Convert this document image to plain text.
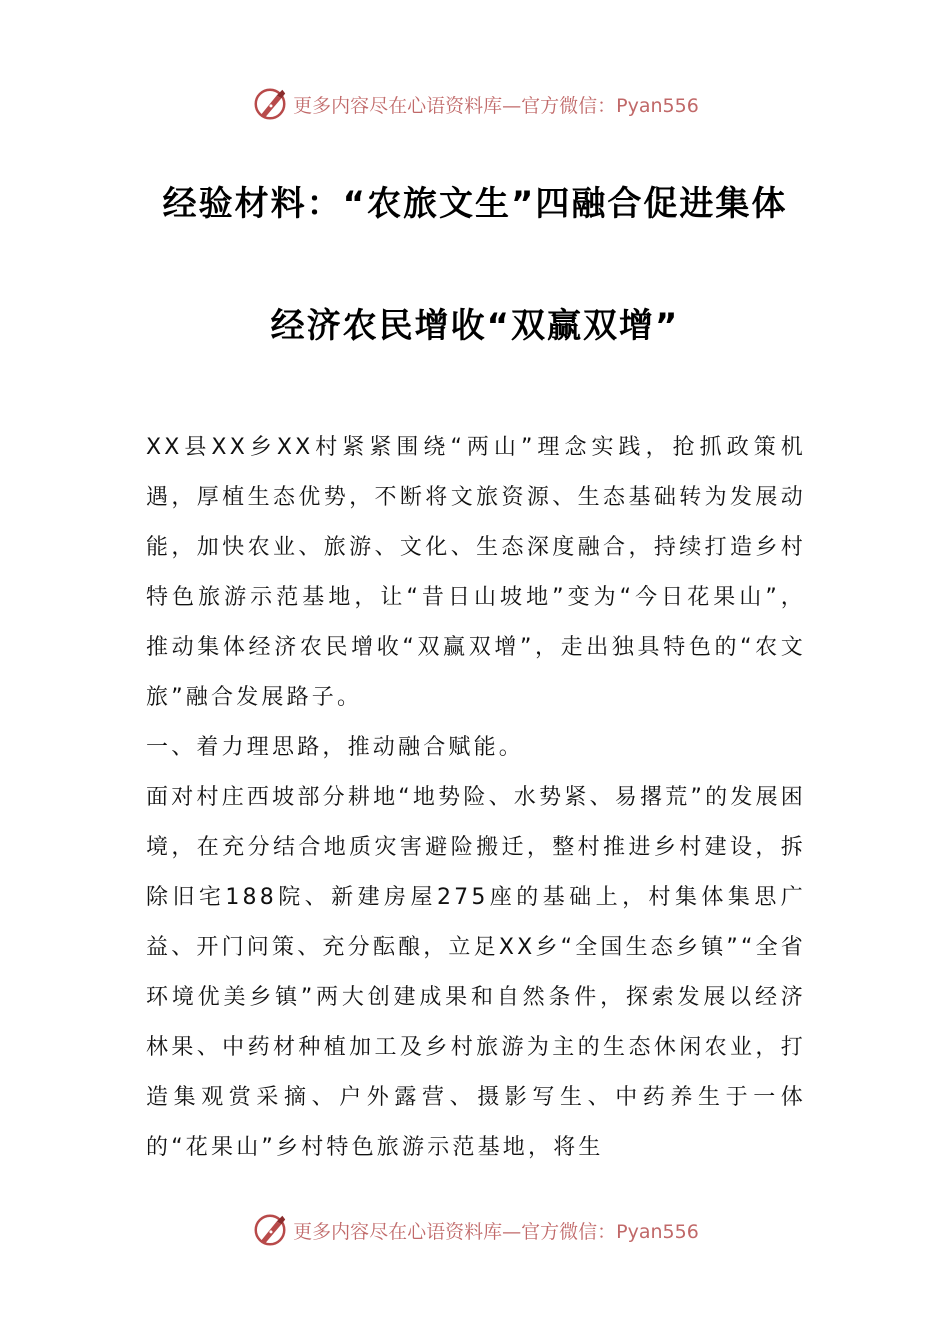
更多内容尽在心语资料库—官方微信：Pyan556
经验材料：“农旅文生”四融合促进集体
经济农民增收“双赢双增”

XX县XX乡XX村紧紧围绕“两山”理念实践，抢抓政策机遇，厚植生态优势，不断将文旅资源、生态基础转为发展动能，加快农业、旅游、文化、生态深度融合，持续打造乡村特色旅游示范基地，让“昔日山坡地”变为“今日花果山”，推动集体经济农民增收“双赢双增”，走出独具特色的“农文旅”融合发展路子。

一、着力理思路，推动融合赋能。

面对村庄西坡部分耕地“地势险、水势紧、易撂荒”的发展困境，在充分结合地质灾害避险搬迁，整村推进乡村建设，拆除旧宅188院、新建房屋275座的基础上，村集体集思广益、开门问策、充分酝酿，立足XX乡“全国生态乡镇”“全省环境优美乡镇”两大创建成果和自然条件，探索发展以经济林果、中药材种植加工及乡村旅游为主的生态休闲农业，打造集观赏采摘、户外露营、摄影写生、中药养生于一体的“花果山”乡村特色旅游示范基地，将生

更多内容尽在心语资料库—官方微信：Pyan556
